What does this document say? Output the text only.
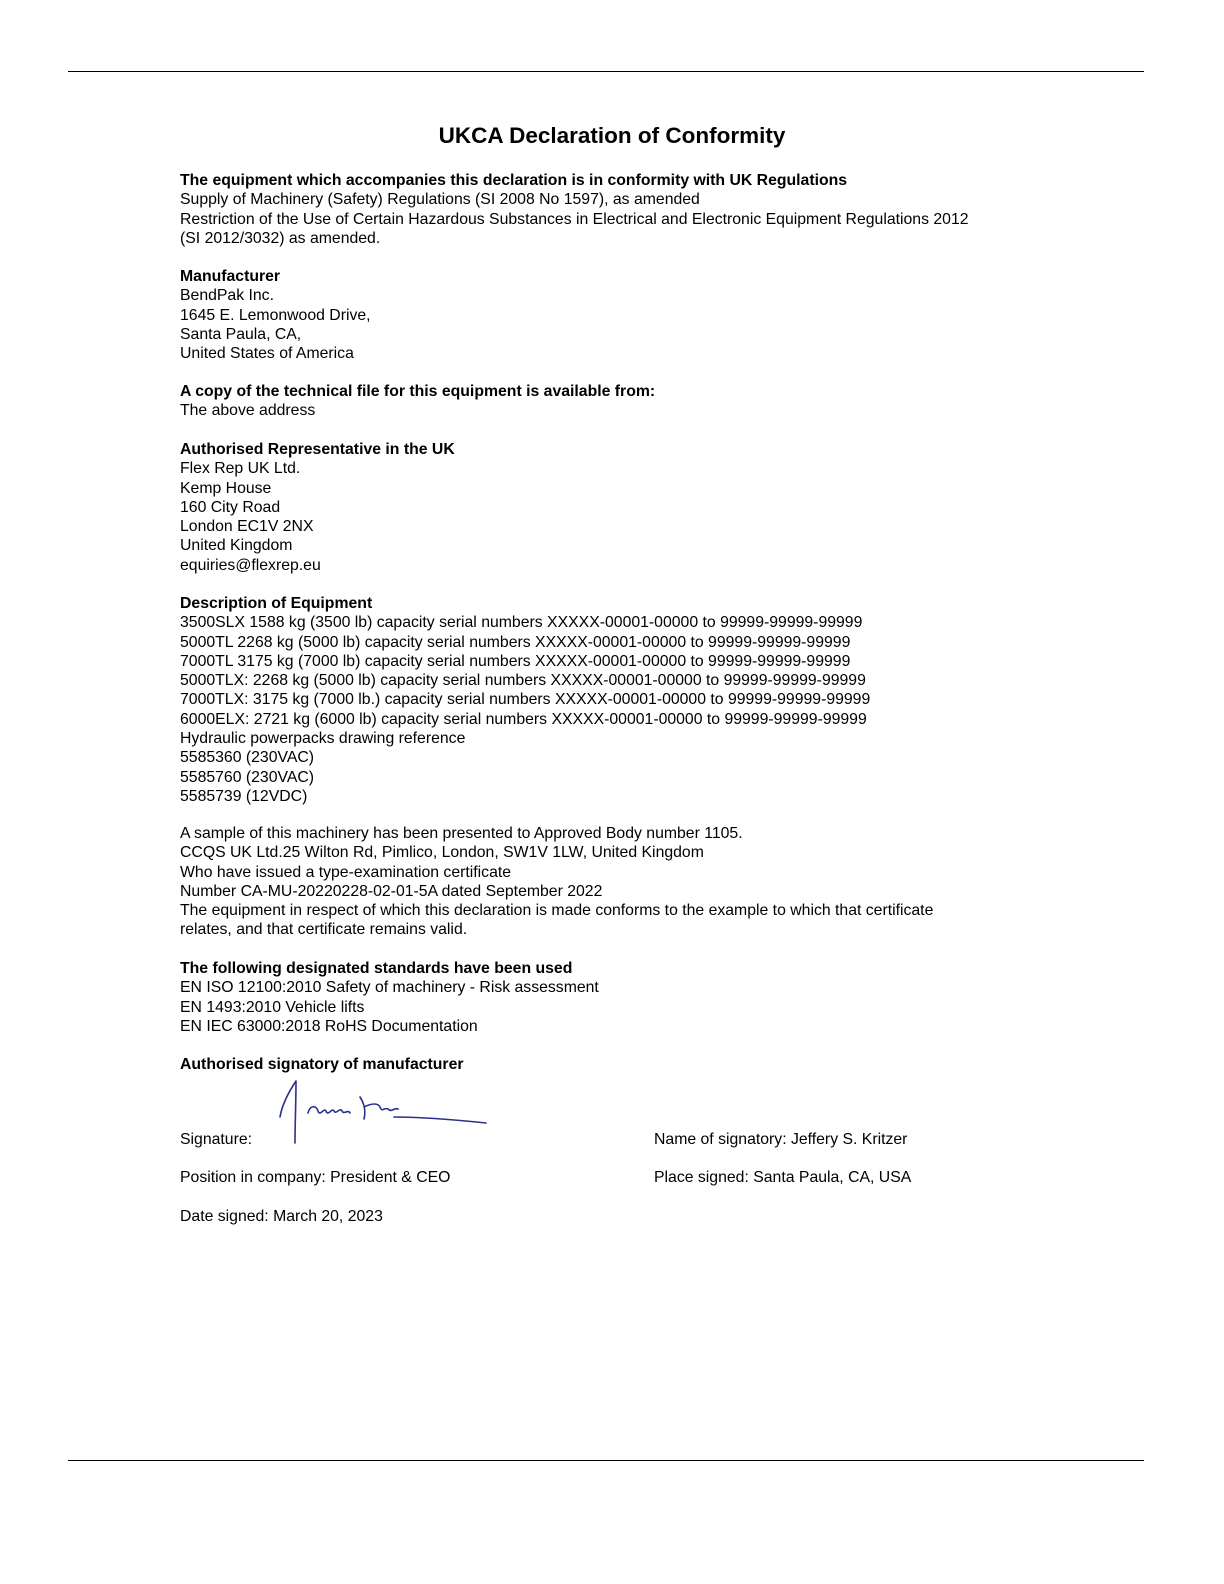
UKCA Declaration of Conformity
The equipment which accompanies this declaration is in conformity with UK Regulations
Supply of Machinery (Safety) Regulations (SI 2008 No 1597), as amended
Restriction of the Use of Certain Hazardous Substances in Electrical and Electronic Equipment Regulations 2012
(SI 2012/3032) as amended.
Manufacturer
BendPak Inc.
1645 E. Lemonwood Drive,
Santa Paula, CA,
United States of America
A copy of the technical file for this equipment is available from:
The above address
Authorised Representative in the UK
Flex Rep UK Ltd.
Kemp House
160 City Road
London EC1V 2NX
United Kingdom
equiries@flexrep.eu
Description of Equipment
3500SLX 1588 kg (3500 lb) capacity serial numbers XXXXX-00001-00000 to 99999-99999-99999
5000TL 2268 kg (5000 lb) capacity serial numbers XXXXX-00001-00000 to 99999-99999-99999
7000TL 3175 kg (7000 lb) capacity serial numbers XXXXX-00001-00000 to 99999-99999-99999
5000TLX: 2268 kg (5000 lb) capacity serial numbers XXXXX-00001-00000 to 99999-99999-99999
7000TLX: 3175 kg (7000 lb.) capacity serial numbers XXXXX-00001-00000 to 99999-99999-99999
6000ELX: 2721 kg (6000 lb) capacity serial numbers XXXXX-00001-00000 to 99999-99999-99999
Hydraulic powerpacks drawing reference
5585360 (230VAC)
5585760 (230VAC)
5585739 (12VDC)
A sample of this machinery has been presented to Approved Body number 1105.
CCQS UK Ltd.25 Wilton Rd, Pimlico, London, SW1V 1LW, United Kingdom
Who have issued a type-examination certificate
Number CA-MU-20220228-02-01-5A dated September 2022
The equipment in respect of which this declaration is made conforms to the example to which that certificate
relates, and that certificate remains valid.
The following designated standards have been used
EN ISO 12100:2010 Safety of machinery - Risk assessment
EN 1493:2010 Vehicle lifts
EN IEC 63000:2018 RoHS Documentation
Authorised signatory of manufacturer
Signature:	Name of signatory: Jeffery S. Kritzer
Position in company: President & CEO	Place signed: Santa Paula, CA, USA
Date signed: March 20, 2023
